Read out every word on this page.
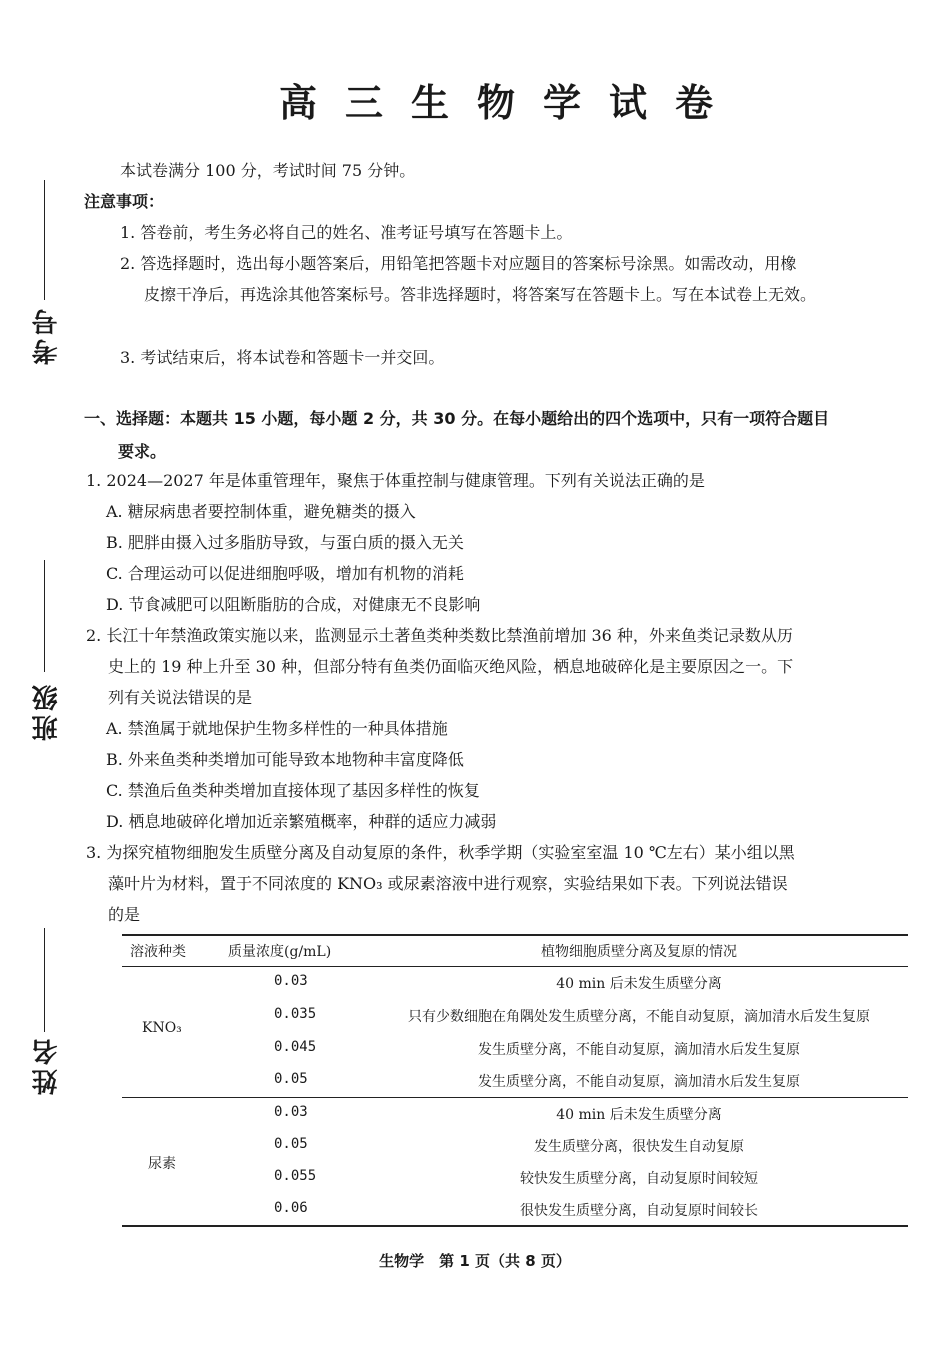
考号
班级
姓名
高三生物学试卷
本试卷满分 100 分，考试时间 75 分钟。
注意事项：
1. 答卷前，考生务必将自己的姓名、准考证号填写在答题卡上。
2. 答选择题时，选出每小题答案后，用铅笔把答题卡对应题目的答案标号涂黑。如需改动，用橡
皮擦干净后，再选涂其他答案标号。答非选择题时，将答案写在答题卡上。写在本试卷上无效。
3. 考试结束后，将本试卷和答题卡一并交回。
一、选择题：本题共 15 小题，每小题 2 分，共 30 分。在每小题给出的四个选项中，只有一项符合题目
要求。
1. 2024—2027 年是体重管理年，聚焦于体重控制与健康管理。下列有关说法正确的是
A. 糖尿病患者要控制体重，避免糖类的摄入
B. 肥胖由摄入过多脂肪导致，与蛋白质的摄入无关
C. 合理运动可以促进细胞呼吸，增加有机物的消耗
D. 节食减肥可以阻断脂肪的合成，对健康无不良影响
2. 长江十年禁渔政策实施以来，监测显示土著鱼类种类数比禁渔前增加 36 种，外来鱼类记录数从历
史上的 19 种上升至 30 种，但部分特有鱼类仍面临灭绝风险，栖息地破碎化是主要原因之一。下
列有关说法错误的是
A. 禁渔属于就地保护生物多样性的一种具体措施
B. 外来鱼类种类增加可能导致本地物种丰富度降低
C. 禁渔后鱼类种类增加直接体现了基因多样性的恢复
D. 栖息地破碎化增加近亲繁殖概率，种群的适应力减弱
3. 为探究植物细胞发生质壁分离及自动复原的条件，秋季学期（实验室室温 10 ℃左右）某小组以黑
藻叶片为材料，置于不同浓度的 KNO₃ 或尿素溶液中进行观察，实验结果如下表。下列说法错误
的是
溶液种类	质量浓度(g/mL)	植物细胞质壁分离及复原的情况
KNO₃
0.03	40 min 后未发生质壁分离
0.035	只有少数细胞在角隅处发生质壁分离，不能自动复原，滴加清水后发生复原
0.045	发生质壁分离，不能自动复原，滴加清水后发生复原
0.05	发生质壁分离，不能自动复原，滴加清水后发生复原
尿素
0.03	40 min 后未发生质壁分离
0.05	发生质壁分离，很快发生自动复原
0.055	较快发生质壁分离，自动复原时间较短
0.06	很快发生质壁分离，自动复原时间较长
生物学　第 1 页（共 8 页）
